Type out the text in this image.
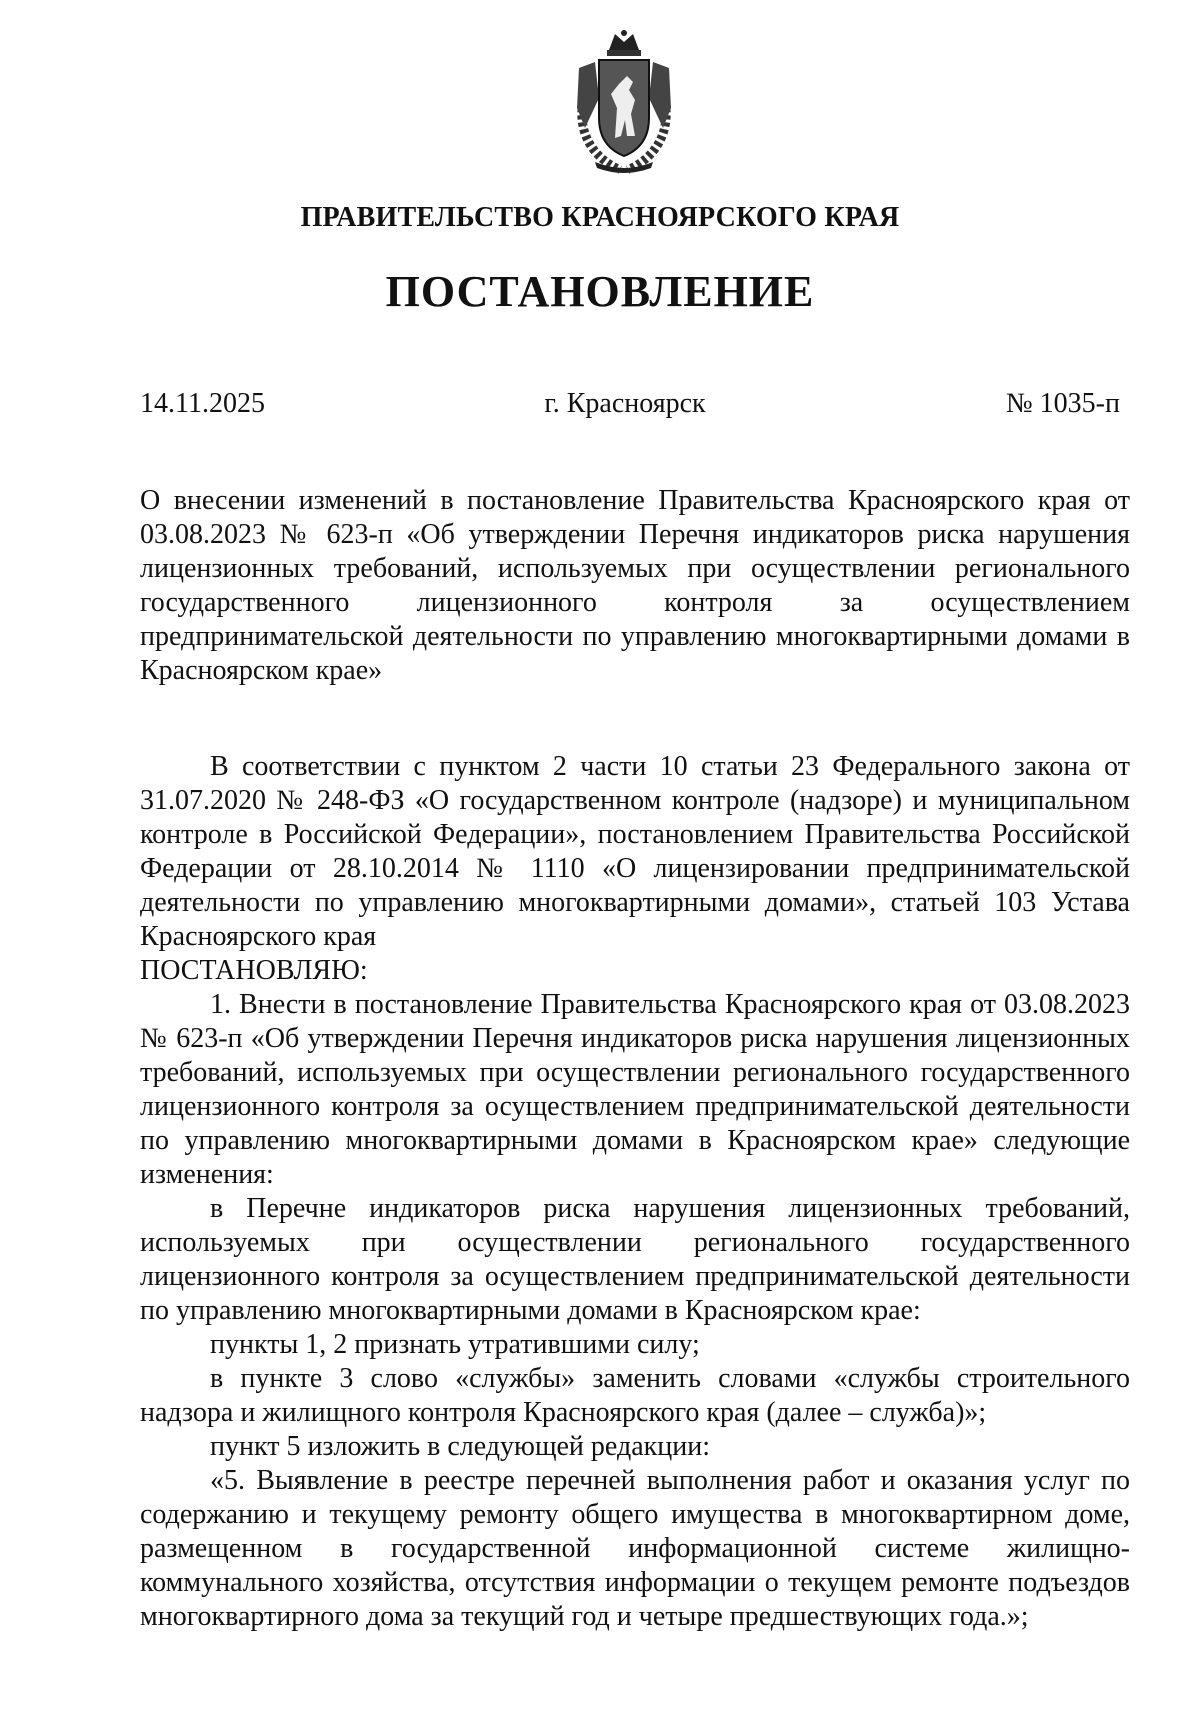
ПРАВИТЕЛЬСТВО КРАСНОЯРСКОГО КРАЯ
ПОСТАНОВЛЕНИЕ
14.11.2025	г. Красноярск	№ 1035-п
О внесении изменений в постановление Правительства Красноярского края от 03.08.2023 № 623-п «Об утверждении Перечня индикаторов риска нарушения лицензионных требований, используемых при осуществлении регионального государственного лицензионного контроля за осуществлением предпринимательской деятельности по управлению многоквартирными домами в Красноярском крае»

В соответствии с пунктом 2 части 10 статьи 23 Федерального закона от 31.07.2020 № 248-ФЗ «О государственном контроле (надзоре) и муниципальном контроле в Российской Федерации», постановлением Правительства Российской Федерации от 28.10.2014 № 1110 «О лицензировании предпринимательской деятельности по управлению многоквартирными домами», статьей 103 Устава Красноярского края

ПОСТАНОВЛЯЮ:

1. Внести в постановление Правительства Красноярского края от 03.08.2023 № 623-п «Об утверждении Перечня индикаторов риска нарушения лицензионных требований, используемых при осуществлении регионального государственного лицензионного контроля за осуществлением предпринимательской деятельности по управлению многоквартирными домами в Красноярском крае» следующие изменения:

в Перечне индикаторов риска нарушения лицензионных требований, используемых при осуществлении регионального государственного лицензионного контроля за осуществлением предпринимательской деятельности по управлению многоквартирными домами в Красноярском крае:

пункты 1, 2 признать утратившими силу;

в пункте 3 слово «службы» заменить словами «службы строительного надзора и жилищного контроля Красноярского края (далее – служба)»;

пункт 5 изложить в следующей редакции:

«5. Выявление в реестре перечней выполнения работ и оказания услуг по содержанию и текущему ремонту общего имущества в многоквартирном доме, размещенном в государственной информационной системе жилищно-коммунального хозяйства, отсутствия информации о текущем ремонте подъездов многоквартирного дома за текущий год и четыре предшествующих года.»;
